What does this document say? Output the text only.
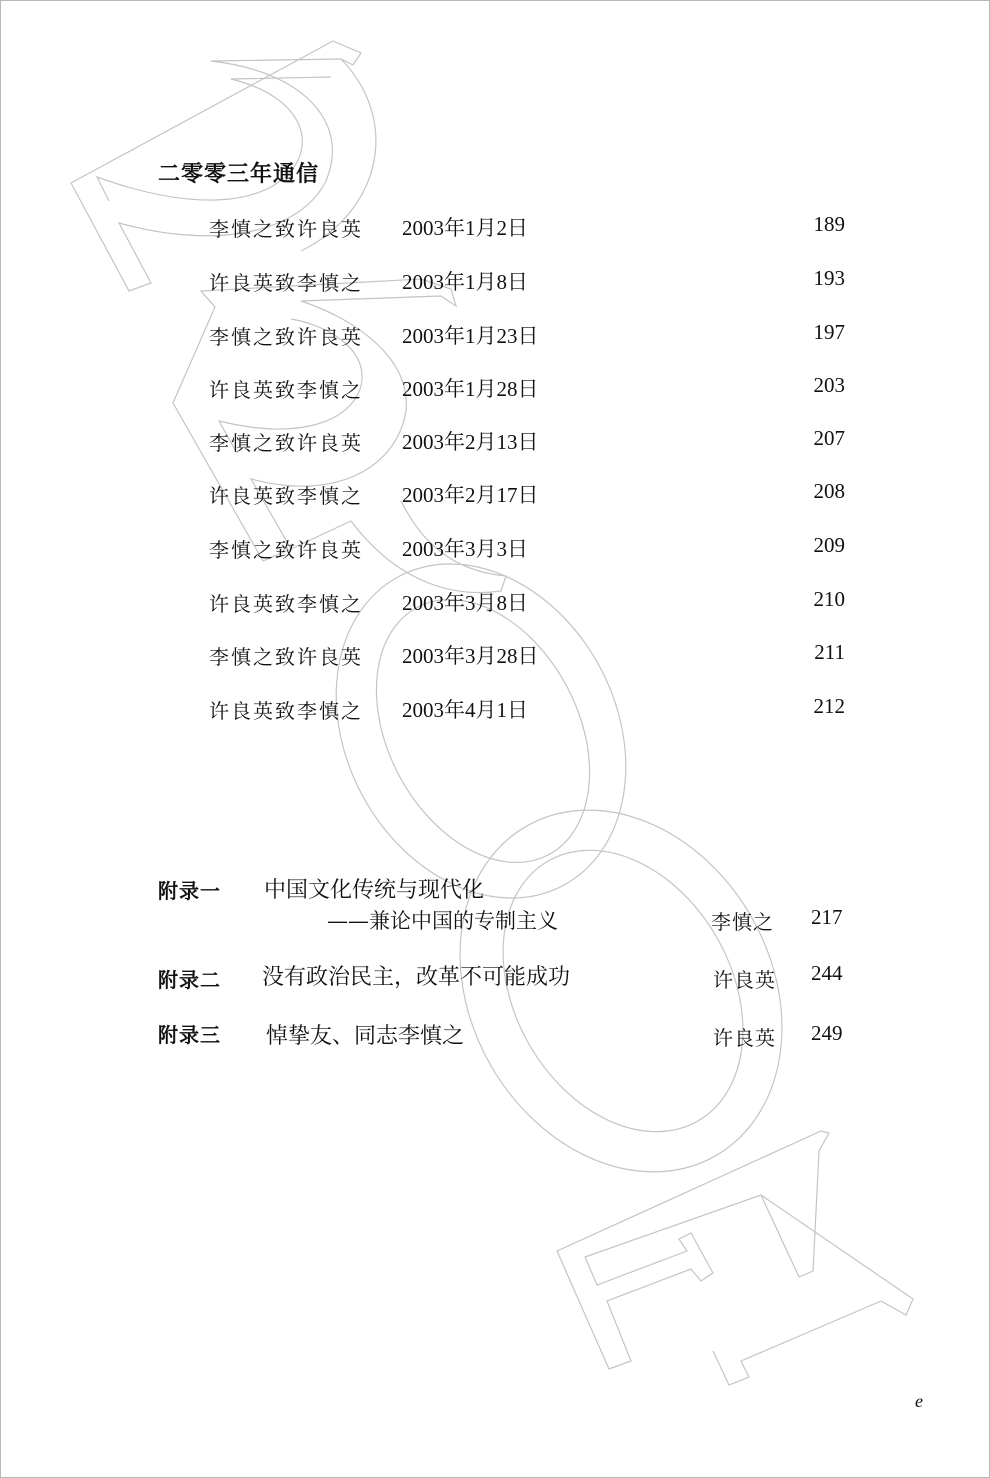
二零零三年通信
李慎之致许良英 2003年1月2日	189
许良英致李慎之 2003年1月8日	193
李慎之致许良英 2003年1月23日	197
许良英致李慎之 2003年1月28日	203
李慎之致许良英 2003年2月13日	207
许良英致李慎之 2003年2月17日	208
李慎之致许良英 2003年3月3日	209
许良英致李慎之 2003年3月8日	210
李慎之致许良英 2003年3月28日	211
许良英致李慎之 2003年4月1日	212
附录一 中国文化传统与现代化
——兼论中国的专制主义	李慎之 217
附录二 没有政治民主，改革不可能成功	许良英 244
附录三 悼挚友、同志李慎之	许良英 249
e
